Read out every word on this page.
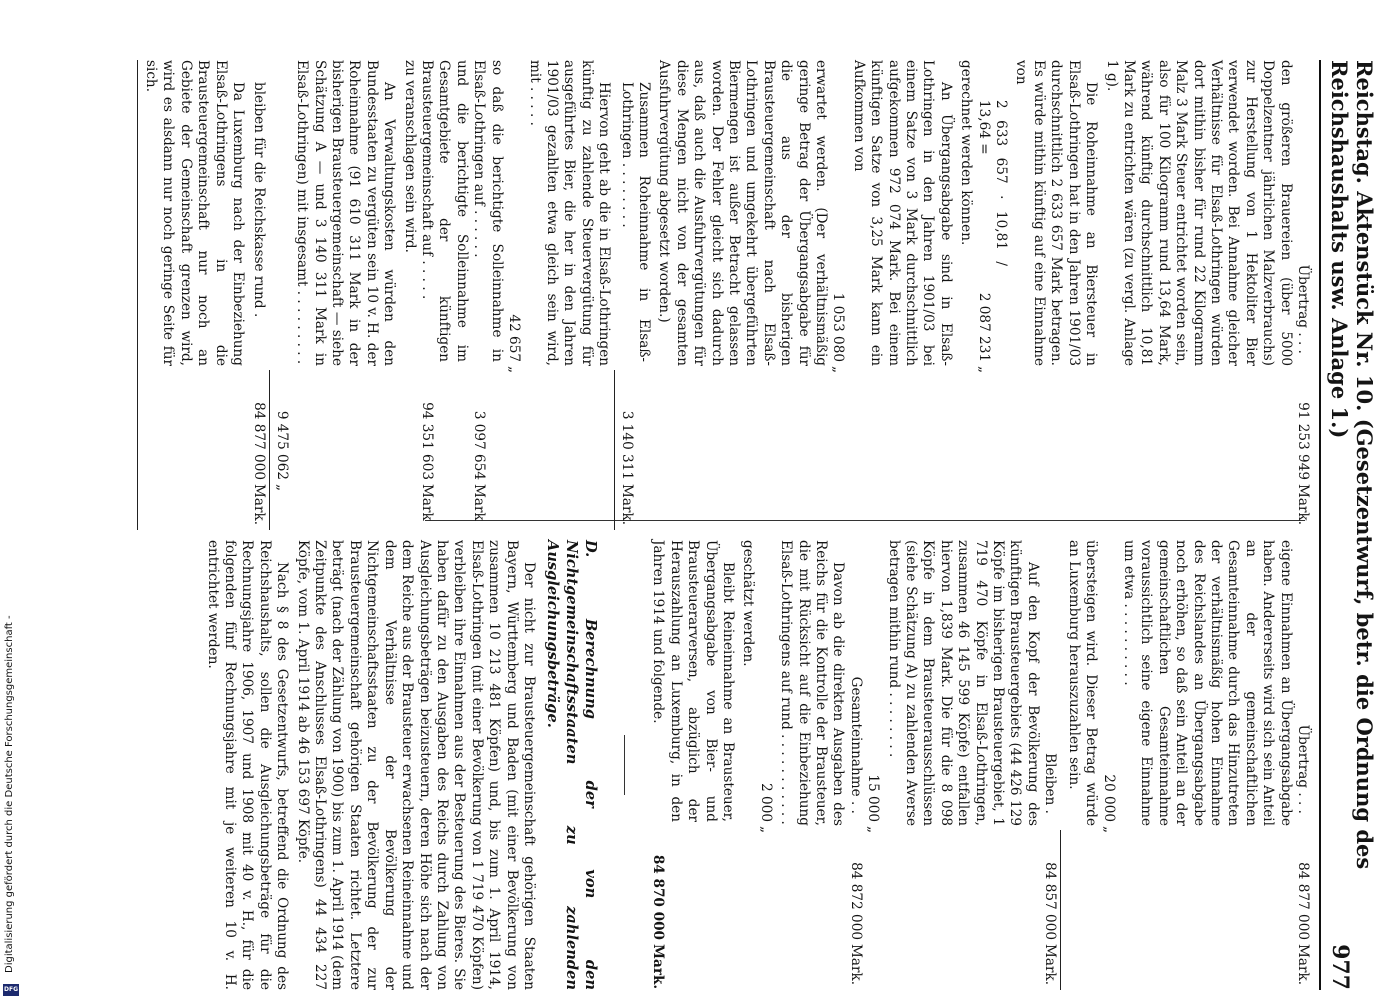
Reichstag. Aktenstück Nr. 10. (Gesetzentwurf, betr. die Ordnung des Reichshaushalts usw. Anlage 1.)
977
Übertrag . . .
91 253 949
Mark.

den größeren Brauereien (über 5000 Doppelzentner jährlichen Malzverbrauchs) zur Herstellung von 1 Hektoliter Bier verwendet worden. Bei Annahme gleicher Verhältnisse für Elsaß-Lothringen würden dort mithin bisher für rund 22 Kilogramm Malz 3 Mark Steuer entrichtet worden sein, also für 100 Kilogramm rund 13,64 Mark, während künftig durchschnittlich 10,81 Mark zu entrichten wären (zu vergl. Anlage 1 g).

Die Roheinnahme an Biersteuer in Elsaß-Lothringen hat in den Jahren 1901/03 durchschnittlich 2 633 657 Mark betragen. Es würde mithin künftig auf eine Einnahme von

2 633 657 · 10,81 / 13,64 =
2 087 231
„

gerechnet werden können.

An Übergangsabgabe sind in Elsaß-Lothringen in den Jahren 1901/03 bei einem Satze von 3 Mark durchschnittlich aufgekommen 972 074 Mark. Bei einem künftigen Satze von 3,25 Mark kann ein Aufkommen von

1 053 080
„

erwartet werden. (Der verhältnismäßig geringe Betrag der Übergangsabgabe für die aus der bisherigen Brausteuergemeinschaft nach Elsaß-Lothringen und umgekehrt übergeführten Biermengen ist außer Betracht gelassen worden. Der Fehler gleicht sich dadurch aus, daß auch die Ausfuhrvergütungen für diese Mengen nicht von der gesamten Ausfuhrvergütung abgesetzt worden.)

Zusammen Roheinnahme in Elsaß-Lothringen . . . . . . . .
3 140 311
Mark.

Hiervon geht ab die in Elsaß-Lothringen künftig zu zahlende Steuervergütung für ausgeführtes Bier, die her in den Jahren 1901/03 gezahlten etwa gleich sein wird, mit . . . . .

42 657
„
so daß die berichtigte Solleinnahme in Elsaß-Lothringen auf . . . . . .
3 097 654
Mark
und die berichtigte Solleinnahme im Gesamtgebiete der künftigen Brausteuergemeinschaft auf . . . . .
94 351 603
Mark

zu veranschlagen sein wird.

An Verwaltungskosten würden den Bundesstaaten zu vergüten sein 10 v. H. der Roheinnahme (91 610 311 Mark in der bisherigen Brausteuergemeinschaft — siehe Schätzung A — und 3 140 311 Mark in Elsaß-Lothringen) mit insgesamt . . . . . . . . .

9 475 062
„
bleiben für die Reichskasse rund .
84 877 000
Mark.

Da Luxemburg nach der Einbeziehung Elsaß-Lothringens in die Brausteuergemeinschaft nur noch an Gebiete der Gemeinschaft grenzen wird, wird es alsdann nur noch geringe Seite für sich.

Übertrag . . .
84 877 000
Mark.

eigene Einnahmen an Übergangsabgabe haben. Andererseits wird sich sein Anteil an der gemeinschaftlichen Gesamteinnahme durch das Hinzutreten der verhältnismäßig hohen Einnahme des Reichslandes an Übergangsabgabe noch erhöhen, so daß sein Anteil an der gemeinschaftlichen Gesamteinnahme voraussichtlich seine eigene Einnahme um etwa . . . . . . . . . .

20 000
„

übersteigen wird. Dieser Betrag würde an Luxemburg herauszuzahlen sein.

Bleiben .
84 857 000
Mark.

Auf den Kopf der Bevölkerung des künftigen Brausteuergebiets (44 426 129 Köpfe im bisherigen Brausteuergebiet, 1 719 470 Köpfe in Elsaß-Lothringen, zusammen 46 145 599 Köpfe) entfallen hiervon 1,839 Mark. Die für die 8 098 Köpfe in dem Brausteuerausschlüssen (siehe Schätzung A) zu zahlenden Averse betragen mithin rund . . . . . . . .

15 000
„
Gesamteinnahme . .
84 872 000
Mark.

Davon ab die direkten Ausgaben des Reichs für die Kontrolle der Brausteuer, die mit Rücksicht auf die Einbeziehung Elsaß-Lothringens auf rund . . . . . . . . . . .

2 000
„

geschätzt werden.

Bleibt Reineinnahme an Brausteuer, Übergangsabgabe von Bier- und Brausteuerarversen, abzüglich der Herauszahlung an Luxemburg, in den Jahren 1914 und folgende.
84 870 000
Mark.
D. Berechnung der von den Nichtgemeinschaftsstaaten zu zahlenden Ausgleichungsbeträge.

Der nicht zur Brausteuergemeinschaft gehörigen Staaten Bayern, Württemberg und Baden (mit einer Bevölkerung von zusammen 10 213 481 Köpfen) und, bis zum 1. April 1914, Elsaß-Lothringen (mit einer Bevölkerung von 1 719 470 Köpfen) verbleiben ihre Einnahmen aus der Besteuerung des Bieres. Sie haben dafür zu den Ausgaben des Reichs durch Zahlung von Ausgleichungsbeträgen beizusteuern, deren Höhe sich nach der dem Reiche aus der Brausteuer erwachsenen Reineinnahme und dem Verhältnisse der Bevölkerung der Nichtgemeinschaftsstaaten zu der Bevölkerung der zur Brausteuergemeinschaft gehörigen Staaten richtet. Letztere beträgt (nach der Zählung von 1900) bis zum 1. April 1914 (dem Zeitpunkte des Anschlusses Elsaß-Lothringens) 44 434 227 Köpfe, vom 1. April 1914 ab 46 153 697 Köpfe.

Nach § 8 des Gesetzentwurfs, betreffend die Ordnung des Reichshaushalts, sollen die Ausgleichungsbeträge für die Rechnungsjahre 1906, 1907 und 1908 mit 40 v. H., für die folgenden fünf Rechnungsjahre mit je weiteren 10 v. H. entrichtet werden.

Digitalisierung gefördert durch die Deutsche Forschungsgemeinschaft -
DFG
